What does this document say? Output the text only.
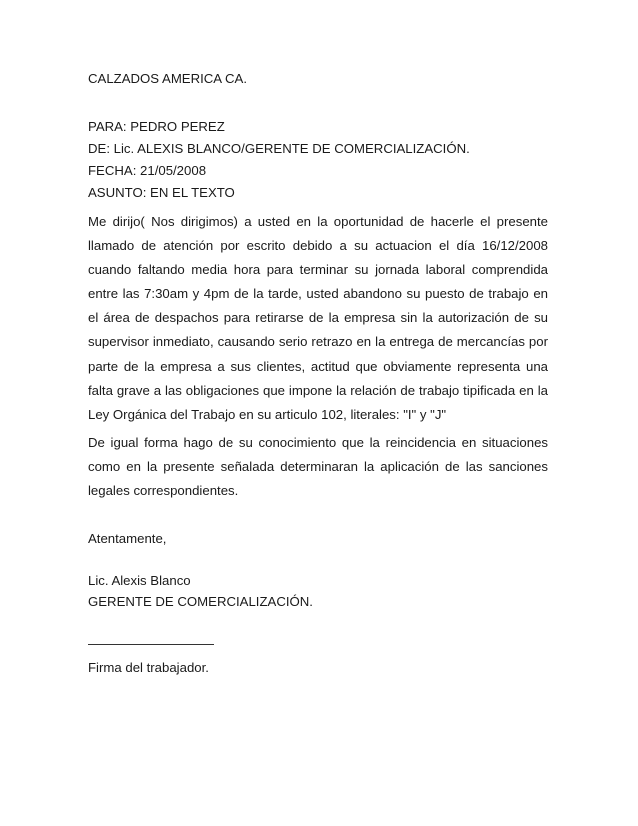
CALZADOS AMERICA CA.
PARA: PEDRO PEREZ
DE: Lic. ALEXIS BLANCO/GERENTE DE COMERCIALIZACIÓN.
FECHA: 21/05/2008
ASUNTO: EN EL TEXTO

Me dirijo( Nos dirigimos) a usted en la oportunidad de hacerle el presente llamado de atención por escrito debido a su actuacion el día 16/12/2008 cuando faltando media hora para terminar su jornada laboral comprendida entre las 7:30am y 4pm de la tarde, usted abandono su puesto de trabajo en el área de despachos para retirarse de la empresa sin la autorización de su supervisor inmediato, causando serio retrazo en la entrega de mercancías por parte de la empresa a sus clientes, actitud que obviamente representa una falta grave a las obligaciones que impone la relación de trabajo tipificada en la Ley Orgánica del Trabajo en su articulo 102, literales: "I" y "J"

De igual forma hago de su conocimiento que la reincidencia en situaciones como en la presente señalada determinaran la aplicación de las sanciones legales correspondientes.

Atentamente,
Lic. Alexis Blanco
GERENTE DE COMERCIALIZACIÓN.
Firma del trabajador.
